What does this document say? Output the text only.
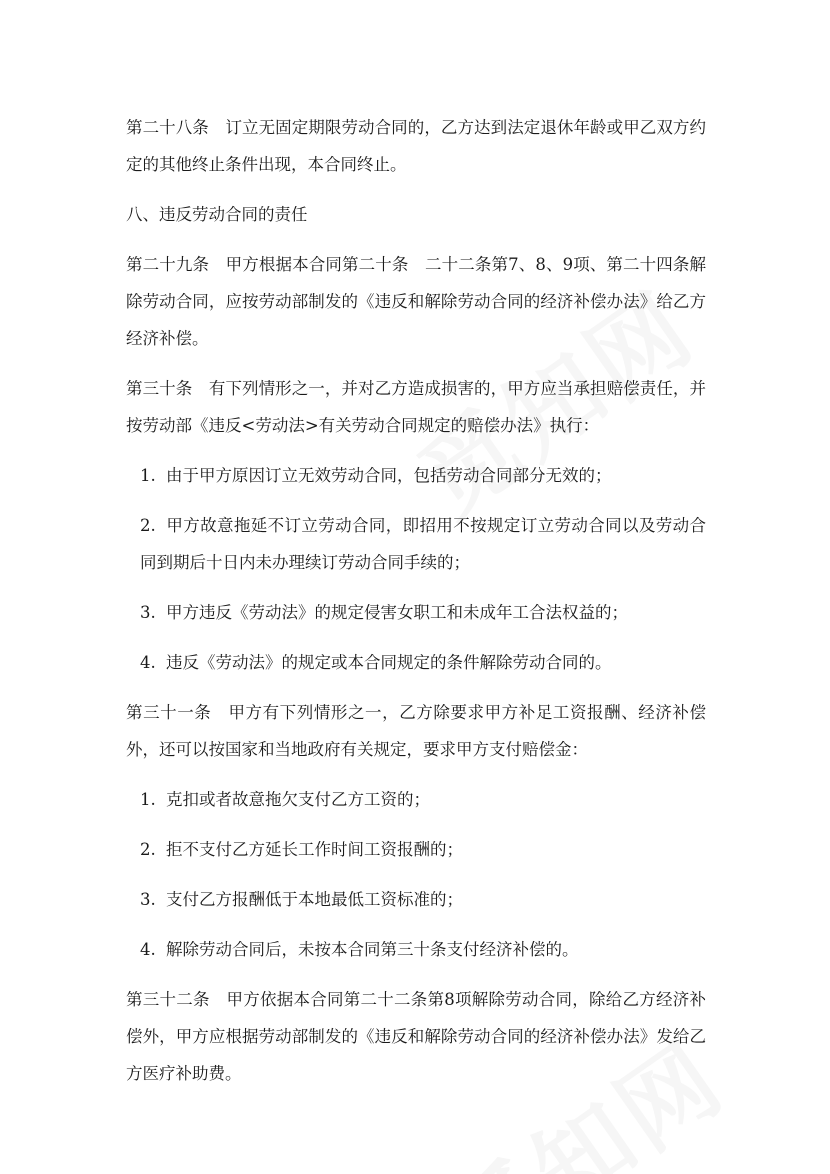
第二十八条　订立无固定期限劳动合同的，乙方达到法定退休年龄或甲乙双方约定的其他终止条件出现，本合同终止。

八、违反劳动合同的责任

第二十九条　甲方根据本合同第二十条　二十二条第7、8、9项、第二十四条解除劳动合同，应按劳动部制发的《违反和解除劳动合同的经济补偿办法》给乙方经济补偿。

第三十条　有下列情形之一，并对乙方造成损害的，甲方应当承担赔偿责任，并按劳动部《违反<劳动法>有关劳动合同规定的赔偿办法》执行：

1. 由于甲方原因订立无效劳动合同，包括劳动合同部分无效的；

2. 甲方故意拖延不订立劳动合同，即招用不按规定订立劳动合同以及劳动合同到期后十日内未办理续订劳动合同手续的；

3. 甲方违反《劳动法》的规定侵害女职工和未成年工合法权益的；

4. 违反《劳动法》的规定或本合同规定的条件解除劳动合同的。

第三十一条　甲方有下列情形之一，乙方除要求甲方补足工资报酬、经济补偿外，还可以按国家和当地政府有关规定，要求甲方支付赔偿金：

1. 克扣或者故意拖欠支付乙方工资的；

2. 拒不支付乙方延长工作时间工资报酬的；

3. 支付乙方报酬低于本地最低工资标准的；

4. 解除劳动合同后，未按本合同第三十条支付经济补偿的。

第三十二条　甲方依据本合同第二十二条第8项解除劳动合同，除给乙方经济补偿外，甲方应根据劳动部制发的《违反和解除劳动合同的经济补偿办法》发给乙方医疗补助费。
